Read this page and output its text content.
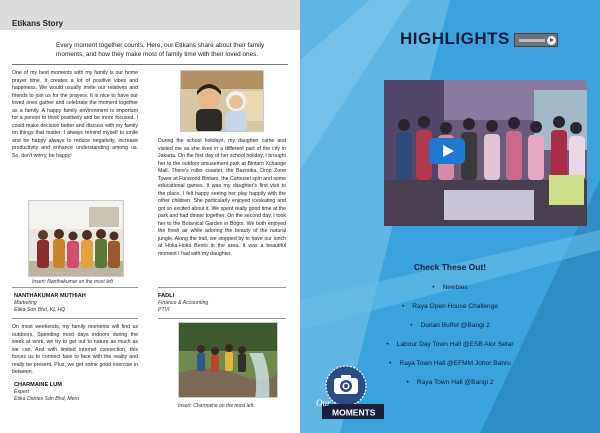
Etikans Story
Every moment together counts. Here, our Etikans share about their family moments, and how they make most of family time with their loved ones.
One of my best moments with my family is our home prayer time. It creates a lot of positive vibes and happiness. We would usually invite our relatives and friends to join us for the prayers. It is nice to have our loved ones gather and celebrate the moment together as a family. A happy family environment is important for a person to think positively and be more focused. I could make decision better and discuss with my family on things that matter. I always remind myself to smile and be happy always to reduce negativity, increase productivity and enhance understanding among us. So, don't worry, be happy!
Insert: Nanthakumar on the most left
NANTHAKUMAR MUTHIAH
Marketing
Etika Sdn Bhd, KL HQ
On most weekends, my family moments will find us outdoors. Spending most days indoors during the week at work, we try to get out to nature as much as we can. And with limited internet connection, this forces us to connect face to face with the reality and really be present. Plus, we get some good exercise in between.
CHARMAINE LUM
Expert
Etika Dairies Sdn Bhd, Meru
During the school holidays, my daughter came and visited me as she lives in a different part of the city in Jakarta. On the first day of her school holiday, I brought her to the outdoor amusement park at Bintaro Xchange Mall. There's roller coaster, the Bazooka, Drop Zone Tower at Funworld Bintaro, the Carousel spin and some educational games. It was my daughter's first visit to the place. I felt happy seeing her play happily with the other children. She particularly enjoyed iceskating and got so excited about it. We spent really good time at the park and had dinner together. On the second day, I took her to the Botanical Garden in Bogor. We both enjoyed the fresh air while adoring the beauty of the natural jungle. Along the trail, we stopped by to have our lunch at Hoka-Hoka Bento in the area. It was a beautiful moment I had with my daughter.
FADLI
Finance & Accounting
PTVI
Insert: Charmaine on the most left.
HIGHLIGHTS
Check These Out!
• Newbies
• Raya Open House Challenge
• Durian Buffet @Bangi 2
• Labour Day Town Hall @ESB Alor Setar
• Raya Town Hall @EFMM Johor Bahru
• Raya Town Hall @Bangi 2
Our
MOMENTS
